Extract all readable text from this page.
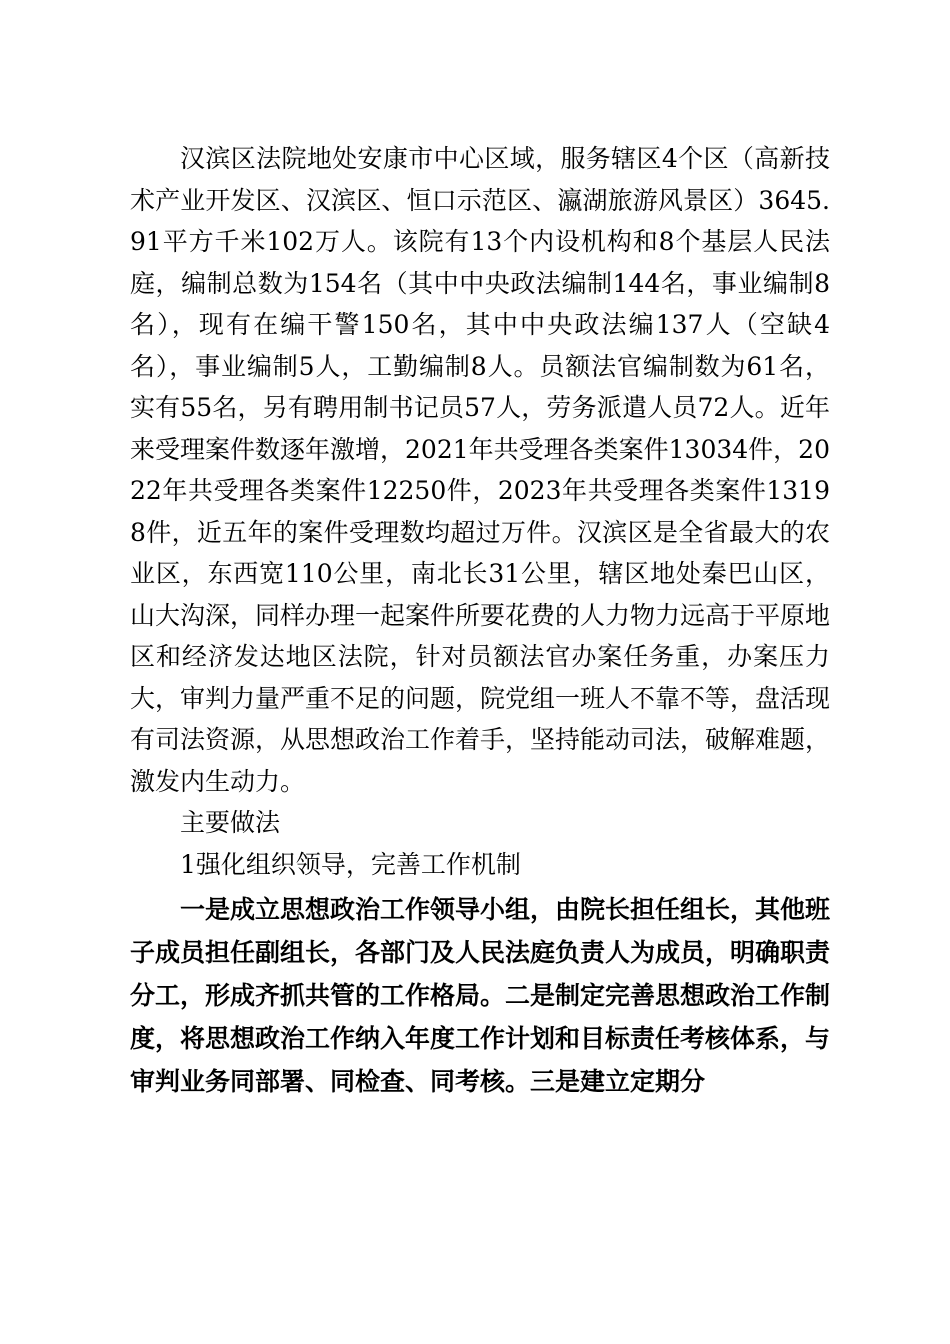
汉滨区法院地处安康市中心区域，服务辖区4个区（高新技术产业开发区、汉滨区、恒口示范区、瀛湖旅游风景区）3645.91平方千米102万人。该院有13个内设机构和8个基层人民法庭，编制总数为154名（其中中央政法编制144名，事业编制8名），现有在编干警150名，其中中央政法编137人（空缺4名），事业编制5人，工勤编制8人。员额法官编制数为61名，实有55名，另有聘用制书记员57人，劳务派遣人员72人。近年来受理案件数逐年激增，2021年共受理各类案件13034件，2022年共受理各类案件12250件，2023年共受理各类案件13198件，近五年的案件受理数均超过万件。汉滨区是全省最大的农业区，东西宽110公里，南北长31公里，辖区地处秦巴山区，山大沟深，同样办理一起案件所要花费的人力物力远高于平原地区和经济发达地区法院，针对员额法官办案任务重，办案压力大，审判力量严重不足的问题，院党组一班人不靠不等，盘活现有司法资源，从思想政治工作着手，坚持能动司法，破解难题，激发内生动力。

主要做法

1强化组织领导，完善工作机制

一是成立思想政治工作领导小组，由院长担任组长，其他班子成员担任副组长，各部门及人民法庭负责人为成员，明确职责分工，形成齐抓共管的工作格局。二是制定完善思想政治工作制度，将思想政治工作纳入年度工作计划和目标责任考核体系，与审判业务同部署、同检查、同考核。三是建立定期分
